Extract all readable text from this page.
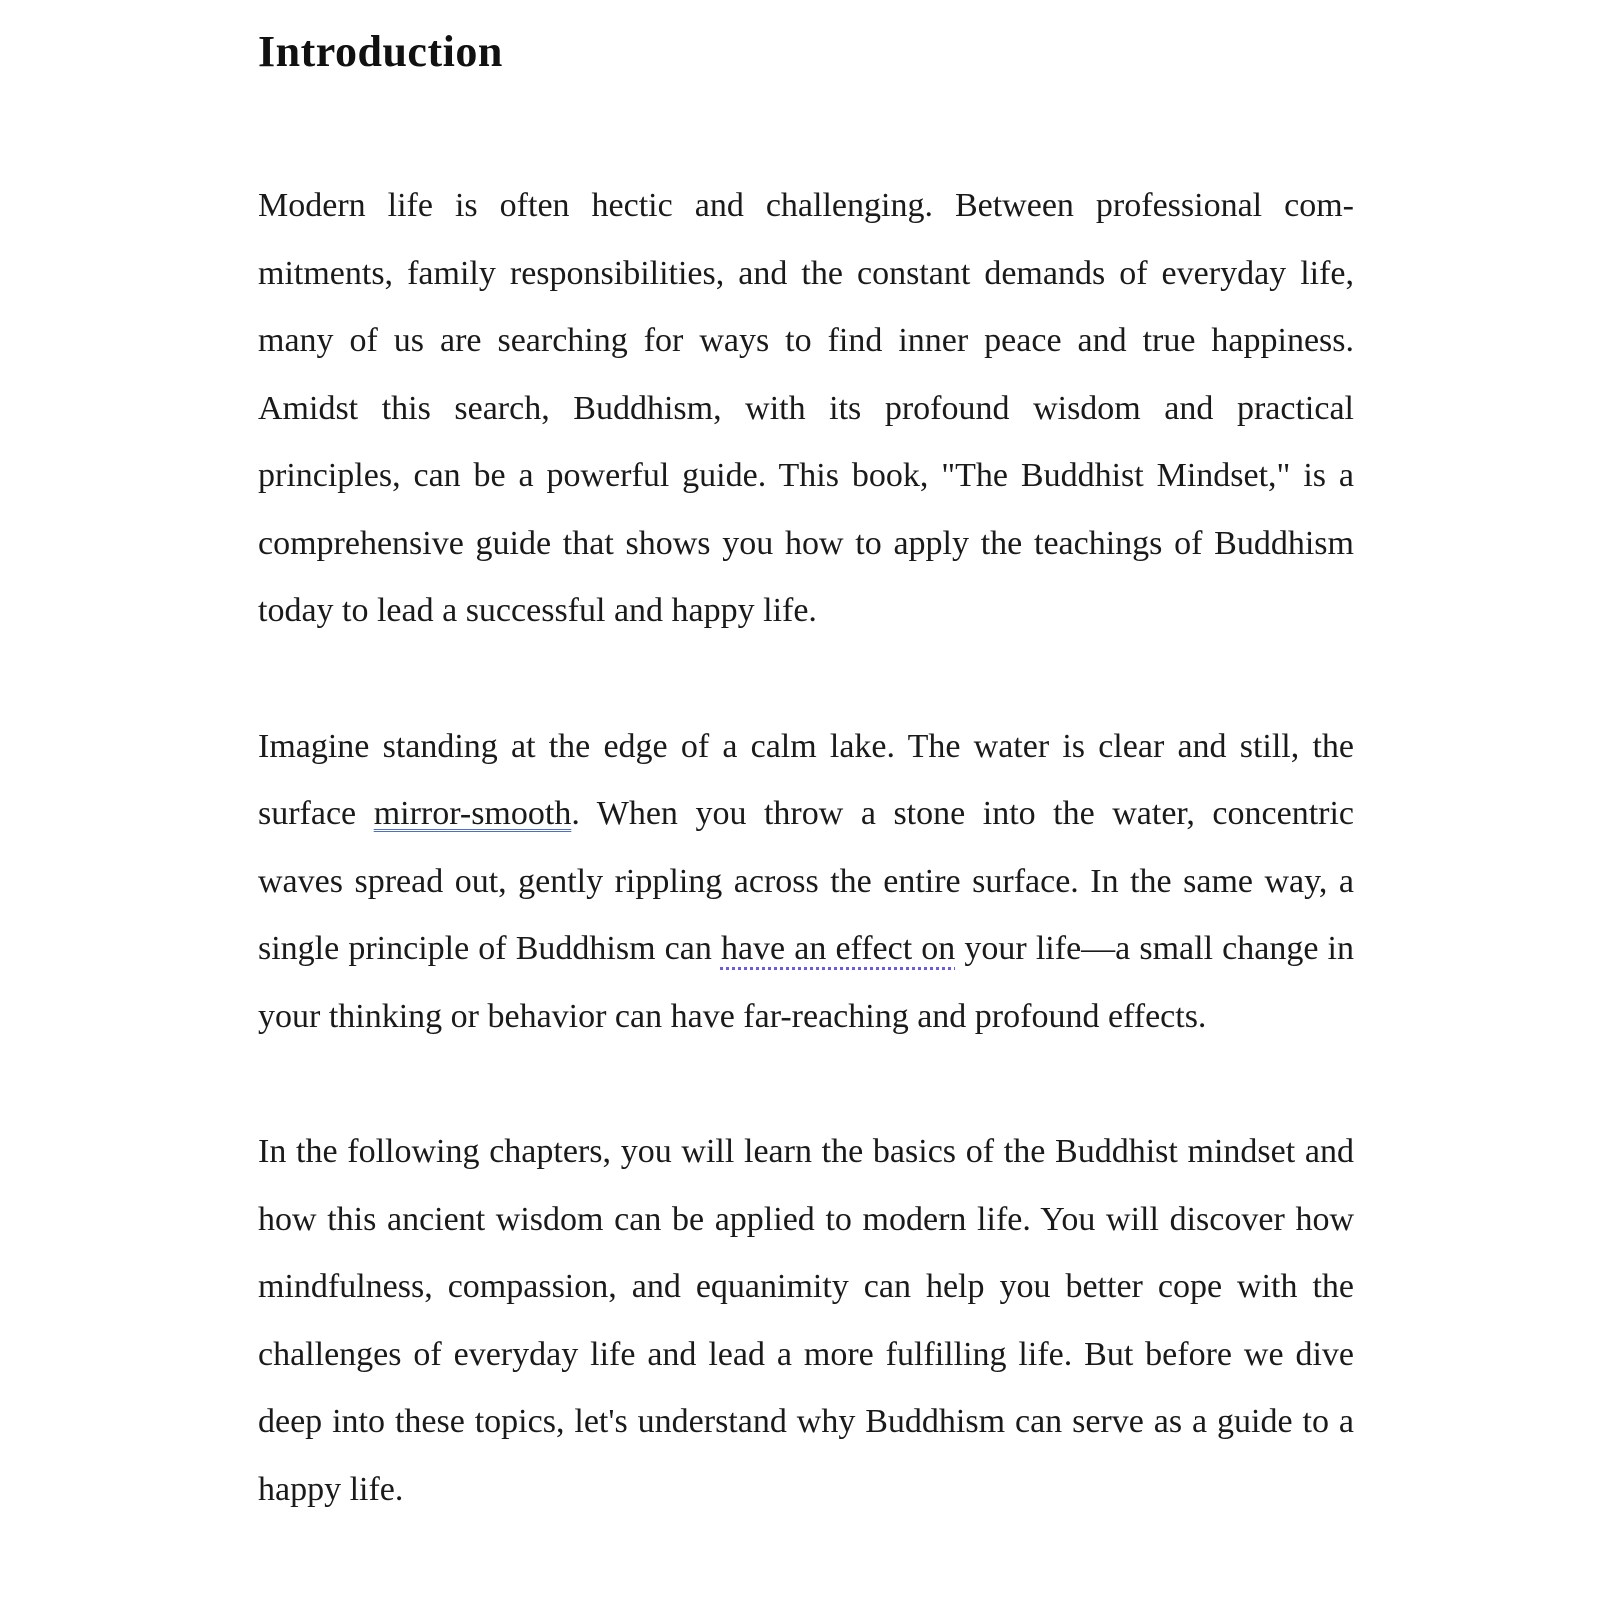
Introduction

Modern life is often hectic and challenging. Between professional commitments, family responsibilities, and the constant demands of everyday life, many of us are searching for ways to find inner peace and true happiness. Amidst this search, Buddhism, with its profound wisdom and practical principles, can be a powerful guide. This book, "The Buddhist Mindset," is a comprehensive guide that shows you how to apply the teachings of Buddhism today to lead a successful and happy life.

Imagine standing at the edge of a calm lake. The water is clear and still, the surface mirror-smooth. When you throw a stone into the water, concentric waves spread out, gently rippling across the entire surface. In the same way, a single principle of Buddhism can have an effect on your life—a small change in your thinking or behavior can have far-reaching and profound effects.

In the following chapters, you will learn the basics of the Buddhist mindset and how this ancient wisdom can be applied to modern life. You will discover how mindfulness, compassion, and equanimity can help you better cope with the challenges of everyday life and lead a more fulfilling life. But before we dive deep into these topics, let's understand why Buddhism can serve as a guide to a happy life.
